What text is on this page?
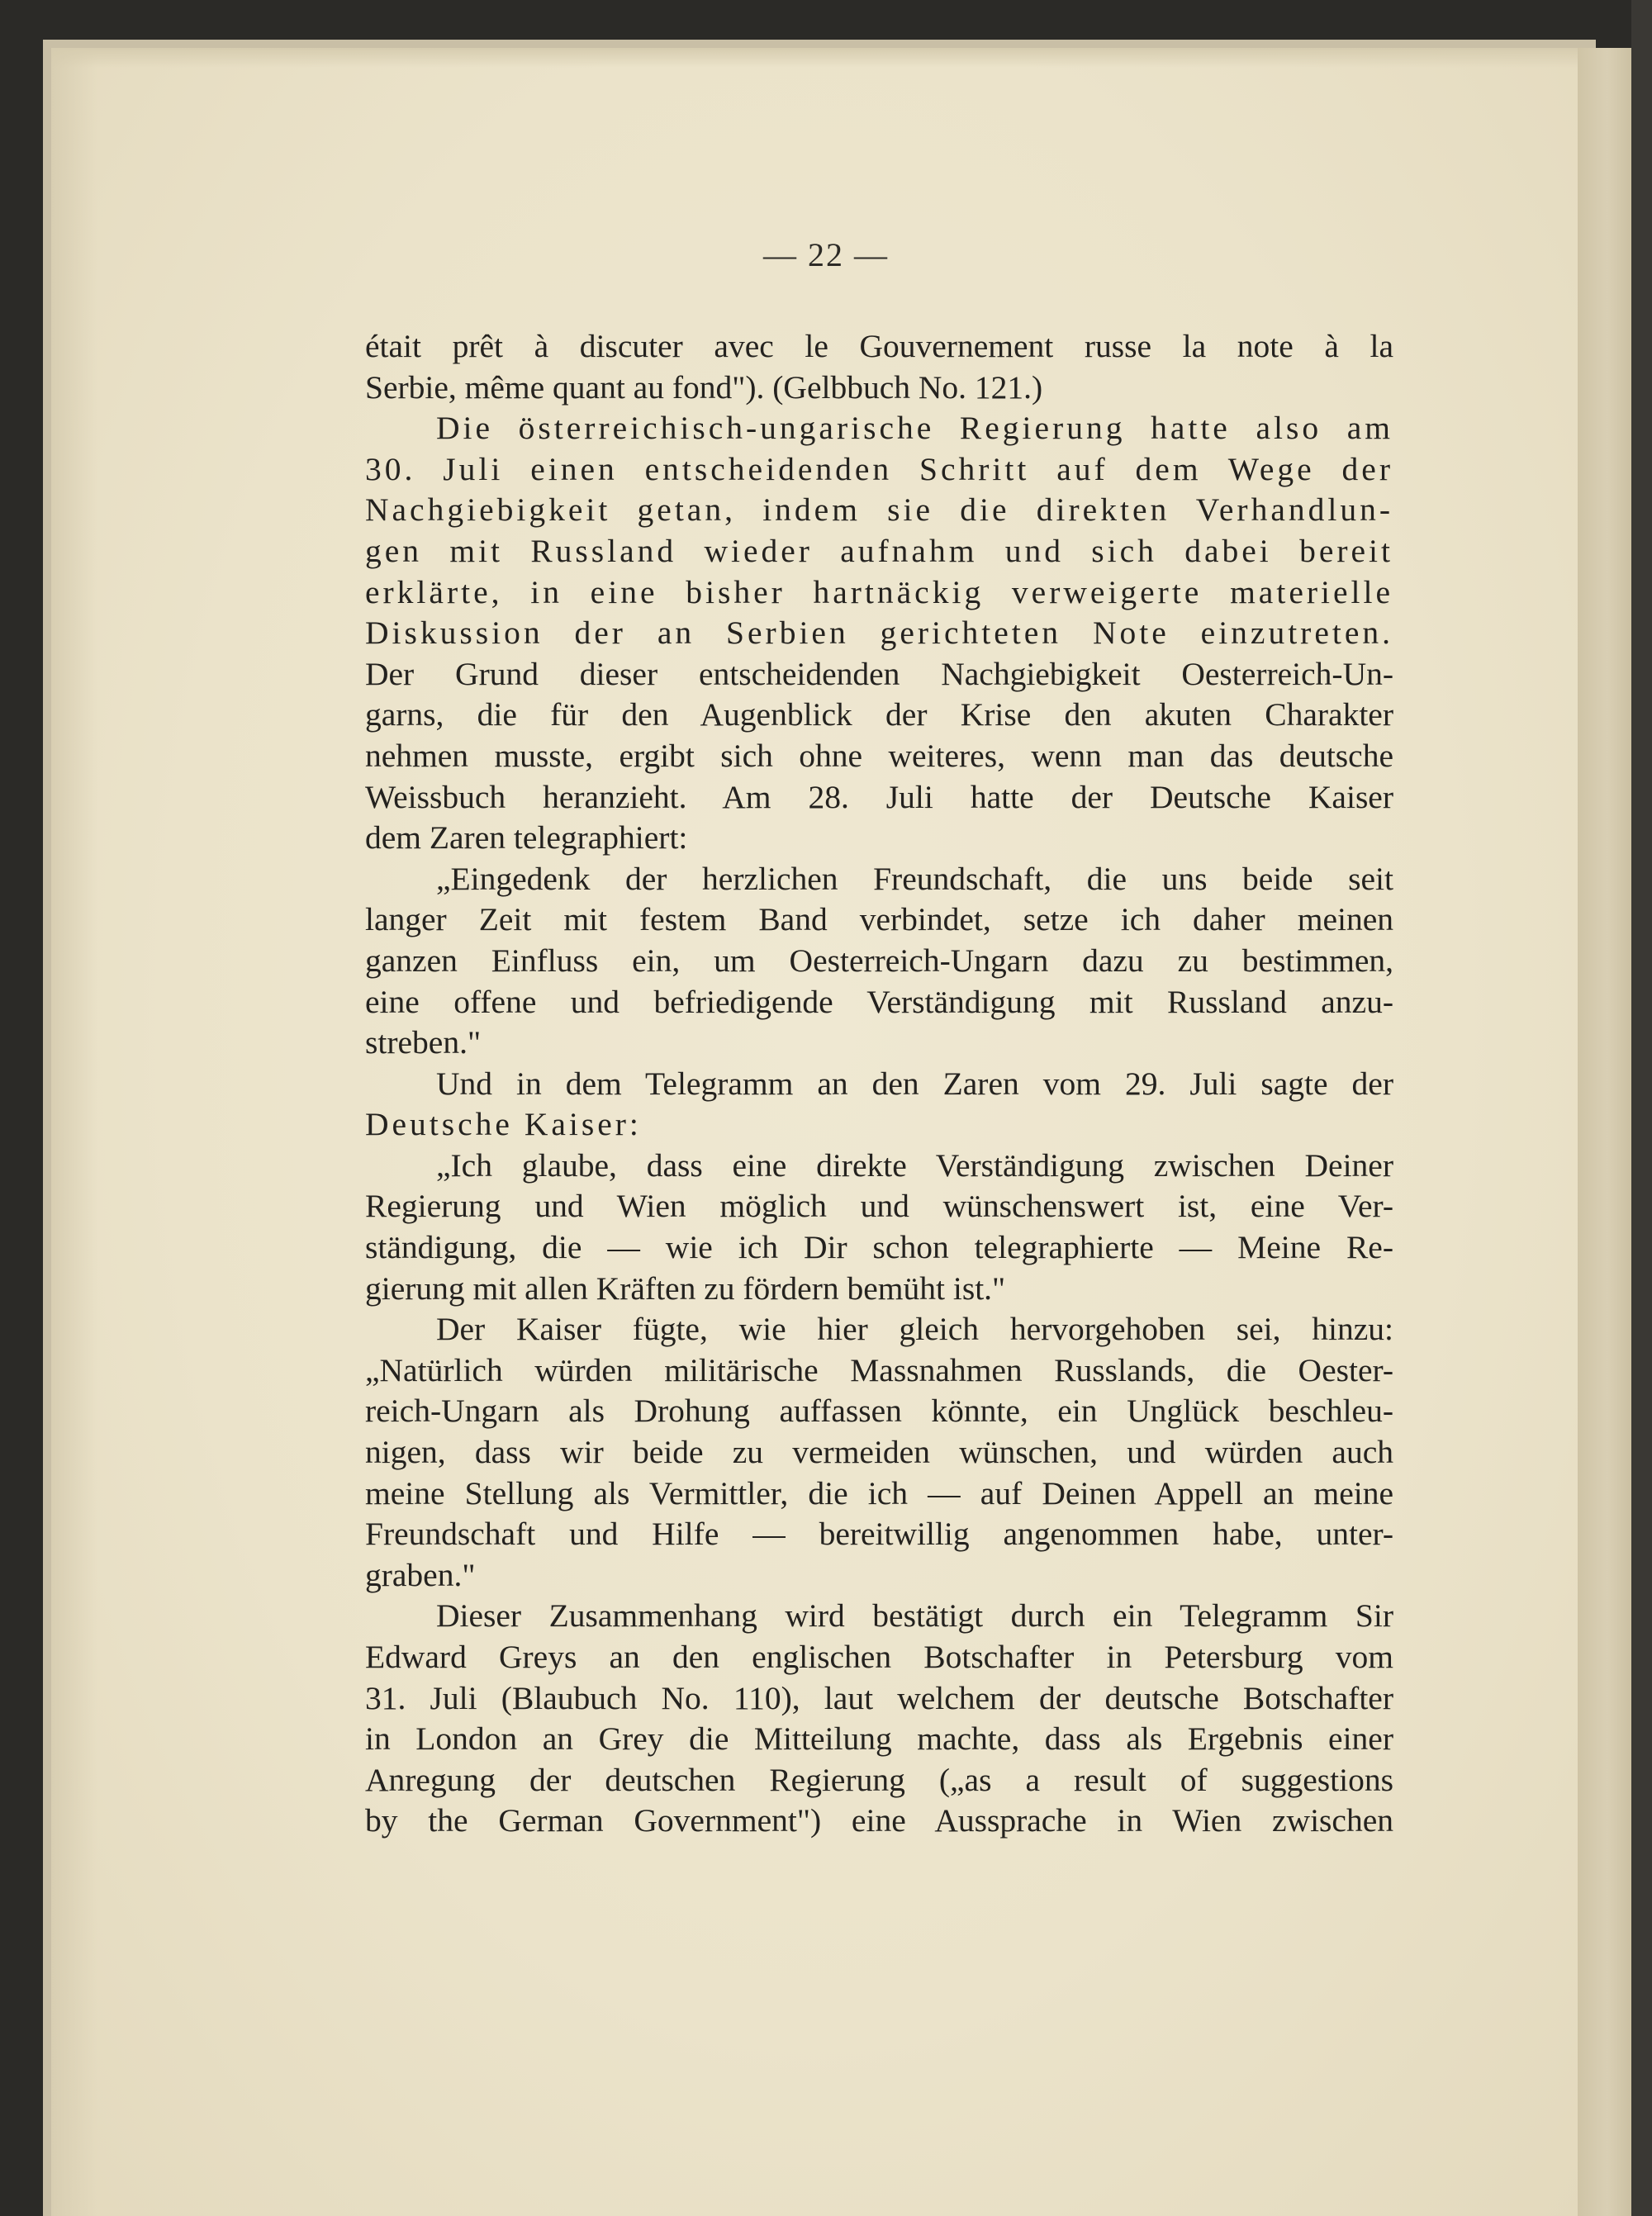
— 22 —
était prêt à discuter avec le Gouvernement russe la note à la
Serbie, même quant au fond"). (Gelbbuch No. 121.)
Die österreichisch-ungarische Regierung hatte also am
30. Juli einen entscheidenden Schritt auf dem Wege der
Nachgiebigkeit getan, indem sie die direkten Verhandlun-
gen mit Russland wieder aufnahm und sich dabei bereit
erklärte, in eine bisher hartnäckig verweigerte materielle
Diskussion der an Serbien gerichteten Note einzutreten.
Der Grund dieser entscheidenden Nachgiebigkeit Oesterreich-Un-
garns, die für den Augenblick der Krise den akuten Charakter
nehmen musste, ergibt sich ohne weiteres, wenn man das deutsche
Weissbuch heranzieht. Am 28. Juli hatte der Deutsche Kaiser
dem Zaren telegraphiert:
„Eingedenk der herzlichen Freundschaft, die uns beide seit
langer Zeit mit festem Band verbindet, setze ich daher meinen
ganzen Einfluss ein, um Oesterreich-Ungarn dazu zu bestimmen,
eine offene und befriedigende Verständigung mit Russland anzu-
streben."
Und in dem Telegramm an den Zaren vom 29. Juli sagte der
Deutsche Kaiser:
„Ich glaube, dass eine direkte Verständigung zwischen Deiner
Regierung und Wien möglich und wünschenswert ist, eine Ver-
ständigung, die — wie ich Dir schon telegraphierte — Meine Re-
gierung mit allen Kräften zu fördern bemüht ist."
Der Kaiser fügte, wie hier gleich hervorgehoben sei, hinzu:
„Natürlich würden militärische Massnahmen Russlands, die Oester-
reich-Ungarn als Drohung auffassen könnte, ein Unglück beschleu-
nigen, dass wir beide zu vermeiden wünschen, und würden auch
meine Stellung als Vermittler, die ich — auf Deinen Appell an meine
Freundschaft und Hilfe — bereitwillig angenommen habe, unter-
graben."
Dieser Zusammenhang wird bestätigt durch ein Telegramm Sir
Edward Greys an den englischen Botschafter in Petersburg vom
31. Juli (Blaubuch No. 110), laut welchem der deutsche Botschafter
in London an Grey die Mitteilung machte, dass als Ergebnis einer
Anregung der deutschen Regierung („as a result of suggestions
by the German Government") eine Aussprache in Wien zwischen
